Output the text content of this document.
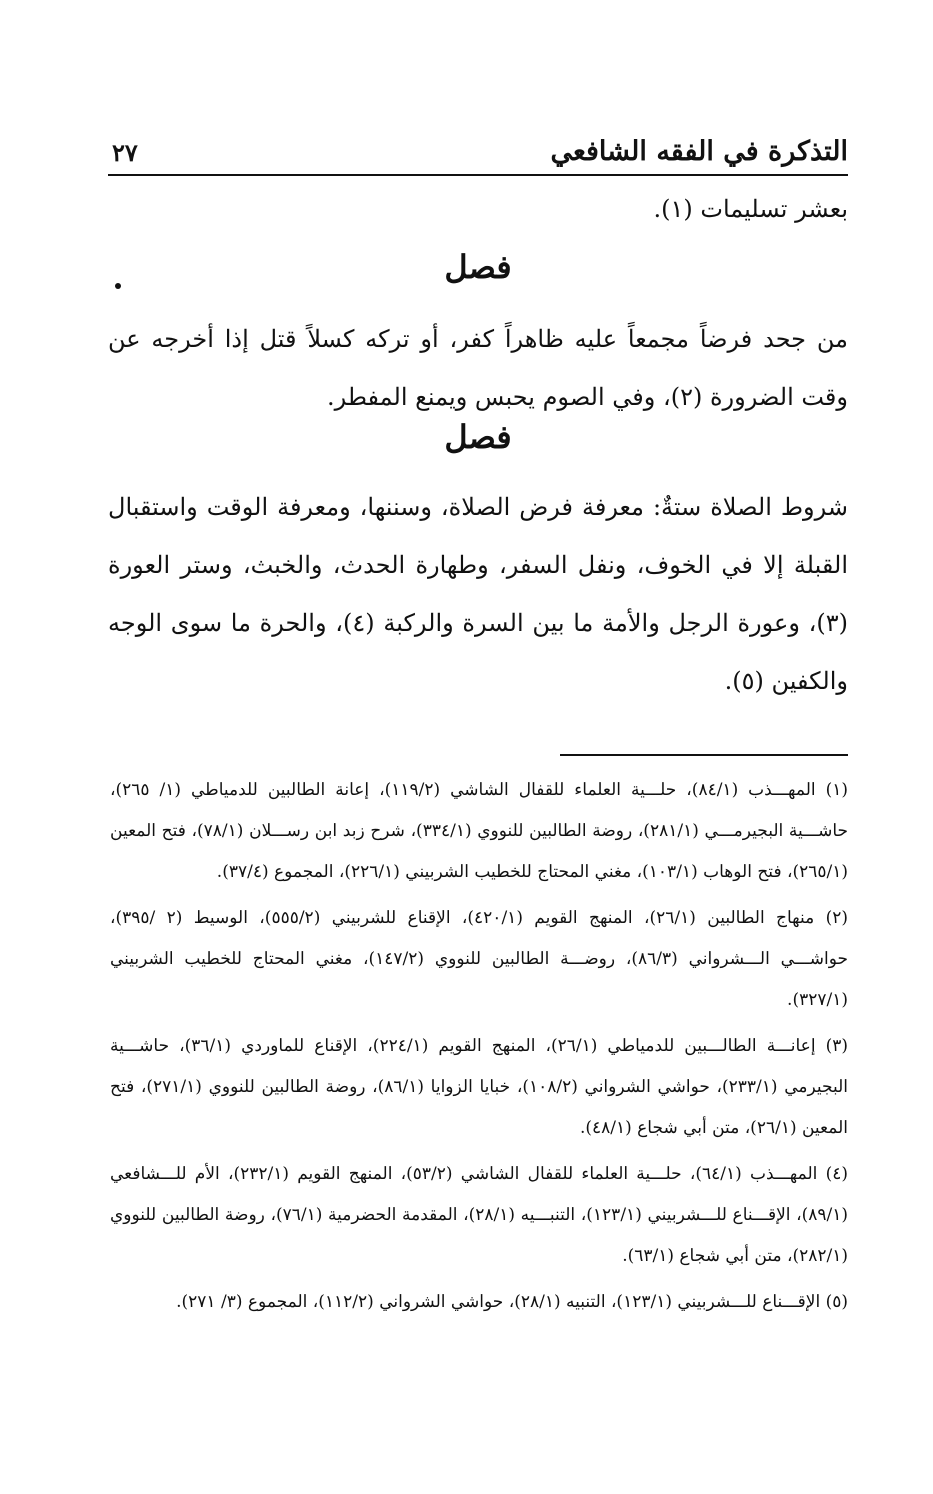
التذكرة في الفقه الشافعي
٢٧
بعشر تسليمات (١).
فصل
من جحد فرضاً مجمعاً عليه ظاهراً كفر، أو تركه كسلاً قتل إذا أخرجه عن وقت الضرورة (٢)، وفي الصوم يحبس ويمنع المفطر.
فصل
شروط الصلاة ستةٌ: معرفة فرض الصلاة، وسننها، ومعرفة الوقت واستقبال القبلة إلا في الخوف، ونفل السفر، وطهارة الحدث، والخبث، وستر العورة (٣)، وعورة الرجل والأمة ما بين السرة والركبة (٤)، والحرة ما سوى الوجه والكفين (٥).

(١) المهـــذب (٨٤/١)، حلـــية العلماء للقفال الشاشي (١١٩/٢)، إعانة الطالبين للدمياطي (١/ ٢٦٥)، حاشـــية البجيرمـــي (٢٨١/١)، روضة الطالبين للنووي (٣٣٤/١)، شرح زبد ابن رســـلان (٧٨/١)، فتح المعين (٢٦٥/١)، فتح الوهاب (١٠٣/١)، مغني المحتاج للخطيب الشربيني (٢٢٦/١)، المجموع (٣٧/٤).

(٢) منهاج الطالبين (٢٦/١)، المنهج القويم (٤٢٠/١)، الإقناع للشربيني (٥٥٥/٢)، الوسيط (٢ /٣٩٥)، حواشـــي الـــشرواني (٨٦/٣)، روضـــة الطالبين للنووي (١٤٧/٢)، مغني المحتاج للخطيب الشربيني (٣٢٧/١).

(٣) إعانـــة الطالـــبين للدمياطي (٢٦/١)، المنهج القويم (٢٢٤/١)، الإقناع للماوردي (٣٦/١)، حاشـــية البجيرمي (٢٣٣/١)، حواشي الشرواني (١٠٨/٢)، خبايا الزوايا (٨٦/١)، روضة الطالبين للنووي (٢٧١/١)، فتح المعين (٢٦/١)، متن أبي شجاع (٤٨/١).

(٤) المهـــذب (٦٤/١)، حلـــية العلماء للقفال الشاشي (٥٣/٢)، المنهج القويم (٢٣٢/١)، الأم للـــشافعي (٨٩/١)، الإقـــناع للـــشربيني (١٢٣/١)، التنبـــيه (٢٨/١)، المقدمة الحضرمية (٧٦/١)، روضة الطالبين للنووي (٢٨٢/١)، متن أبي شجاع (٦٣/١).

(٥) الإقـــناع للـــشربيني (١٢٣/١)، التنبيه (٢٨/١)، حواشي الشرواني (١١٢/٢)، المجموع (٣/ ٢٧١).
